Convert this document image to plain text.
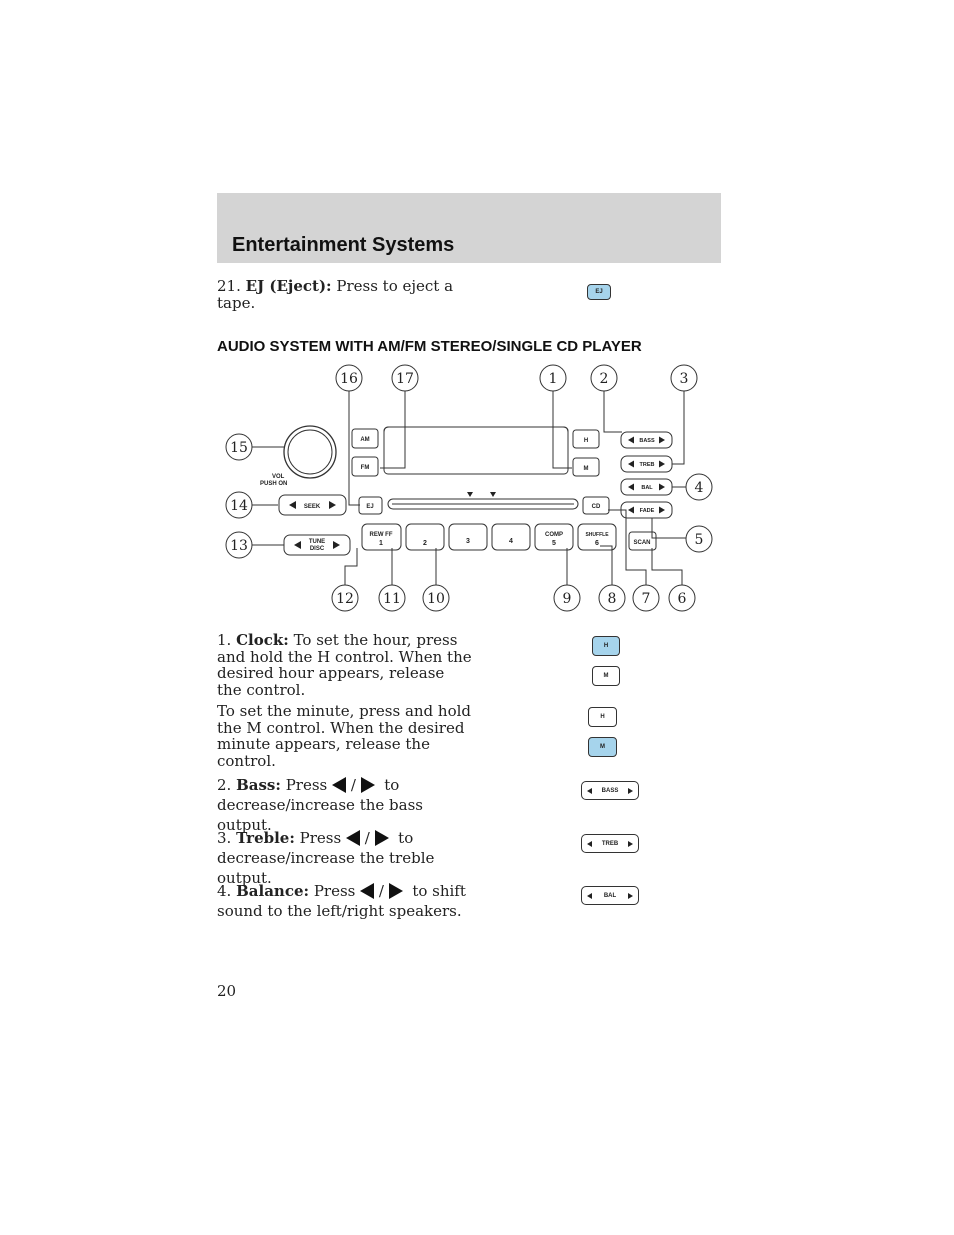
Entertainment Systems
21. EJ (Eject): Press to eject a tape.
EJ
AUDIO SYSTEM WITH AM/FM STEREO/SINGLE CD PLAYER
VOL
PUSH ON
AM
FM
EJ
SEEK
TUNE
DISC
REW FF
1	2	3	4
COMP
5
SHUFFLE
6
H
M
CD
SCAN
BASS
TREB
BAL
FADE
16	17	1	2	3
15
4
14
5
13
12 11 10	9	8 7 6
1. Clock: To set the hour, press and hold the H control. When the desired hour appears, release the control.
To set the minute, press and hold the M control. When the desired minute appears, release the control.
H
M
H
M
2. Bass: Press / to
decrease/increase the bass output.
BASS
3. Treble: Press / to
decrease/increase the treble output.
TREB
4. Balance: Press / to shift
sound to the left/right speakers.
BAL
20
